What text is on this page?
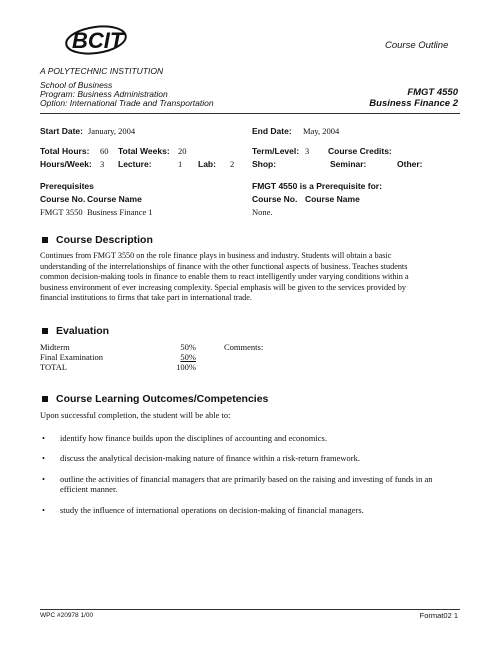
BCIT	Course Outline
A POLYTECHNIC INSTITUTION
School of Business
Program: Business Administration
Option: International Trade and Transportation
FMGT 4550
Business Finance 2
Start Date: January, 2004	End Date: May, 2004
Total Hours: 60 Total Weeks: 20	Term/Level: 3 Course Credits:
Hours/Week: 3 Lecture:	1 Lab: 2 Shop:	Seminar:	Other:
Prerequisites
Course No. Course Name
FMGT 3550 Business Finance 1
FMGT 4550 is a Prerequisite for:
Course No. Course Name
None.
Course Description
Continues from FMGT 3550 on the role finance plays in business and industry. Students will obtain a basic
understanding of the interrelationships of finance with the other functional aspects of business. Teaches students
common decision-making tools in finance to enable them to react intelligently under varying conditions within a
business environment of ever increasing complexity. Special emphasis will be given to the services provided by
financial institutions to firms that take part in international trade.
Evaluation
Midterm	50%
Final Examination	50%
TOTAL	100%
Comments:
Course Learning Outcomes/Competencies
Upon successful completion, the student will be able to:
• identify how finance builds upon the disciplines of accounting and economics.
• discuss the analytical decision-making nature of finance within a risk-return framework.
• outline the activities of financial managers that are primarily based on the raising and investing of funds in an
efficient manner.
• study the influence of international operations on decision-making of financial managers.
WPC #20978 1/00	Format02 1
